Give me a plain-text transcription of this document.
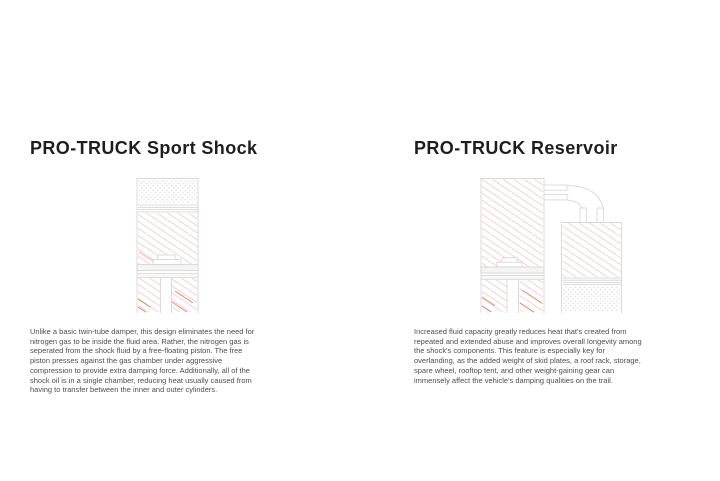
PRO-TRUCK Sport Shock	PRO-TRUCK Reservoir
Unlike a basic twin-tube damper, this design eliminates the need for
nitrogen gas to be inside the fluid area. Rather, the nitrogen gas is
seperated from the shock fluid by a free-floating piston. The free
piston presses against the gas chamber under aggressive
compression to provide extra damping force. Additionally, all of the
shock oil is in a single chamber, reducing heat usually caused from
having to transfer between the inner and outer cylinders.
Increased fluid capacity greatly reduces heat that's created from
repeated and extended abuse and improves overall longevity among
the shock's components. This feature is especially key for
overlanding, as the added weight of skid plates, a roof rack, storage,
spare wheel, rooftop tent, and other weight-gaining gear can
immensely affect the vehicle's damping qualities on the trail.
